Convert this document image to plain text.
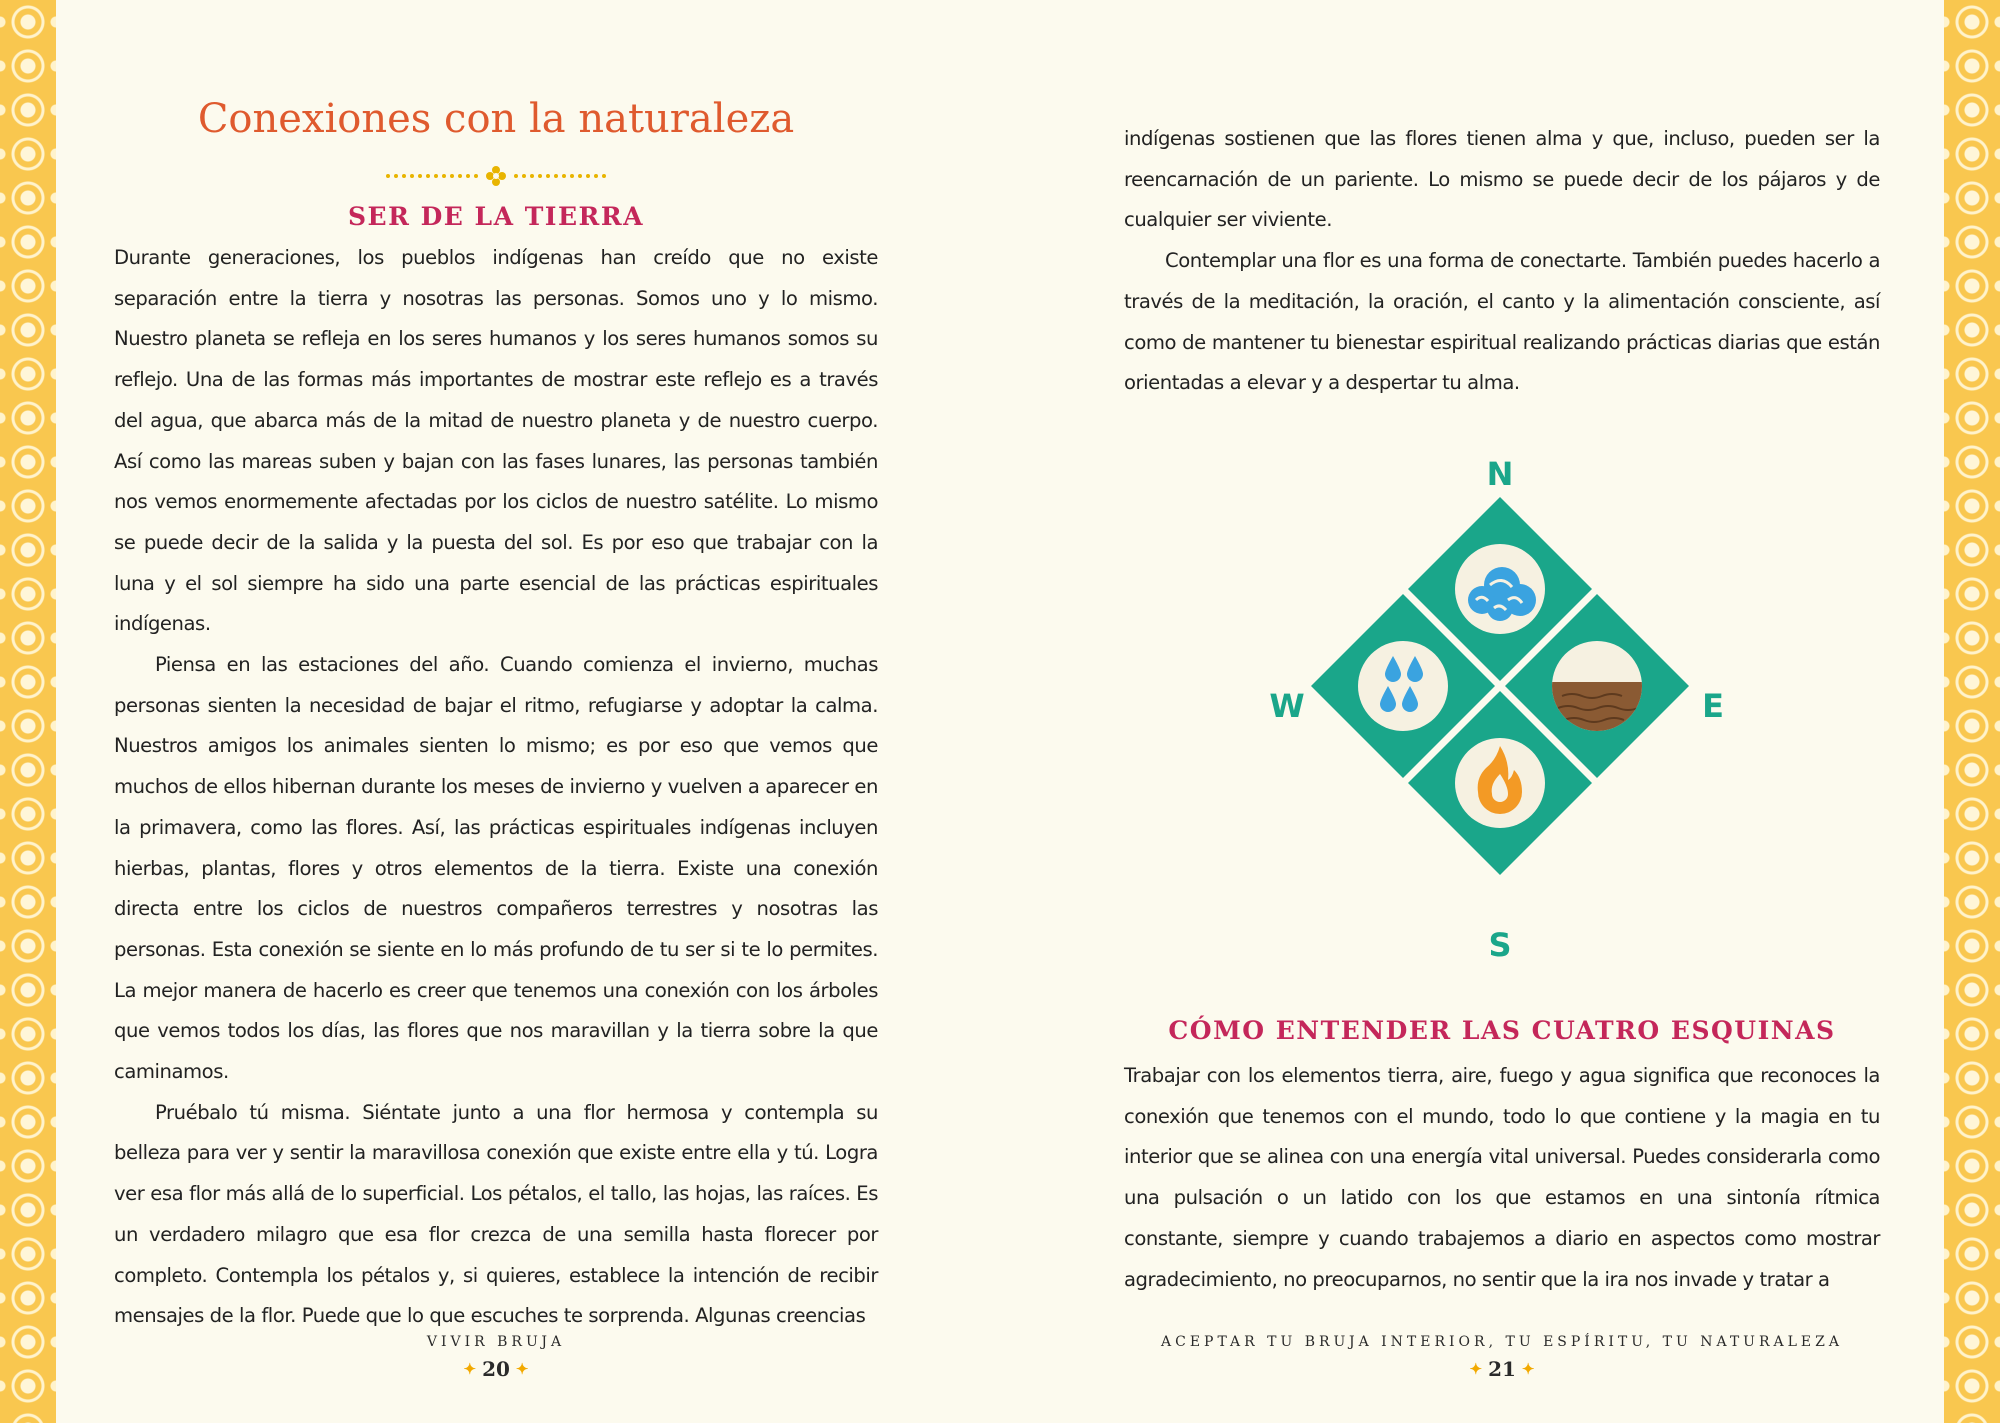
Conexiones con la naturaleza
SER DE LA TIERRA

Durante generaciones, los pueblos indígenas han creído que no existe separación entre la tierra y nosotras las personas. Somos uno y lo mismo. Nuestro planeta se refleja en los seres humanos y los seres humanos somos su reflejo. Una de las formas más importantes de mostrar este reflejo es a través del agua, que abarca más de la mitad de nuestro planeta y de nuestro cuerpo. Así como las mareas suben y bajan con las fases lunares, las personas también nos vemos enormemente afectadas por los ciclos de nuestro satélite. Lo mismo se puede decir de la salida y la puesta del sol. Es por eso que trabajar con la luna y el sol siempre ha sido una parte esencial de las prácticas espirituales indígenas.

Piensa en las estaciones del año. Cuando comienza el invierno, muchas personas sienten la necesidad de bajar el ritmo, refugiarse y adoptar la calma. Nuestros amigos los animales sienten lo mismo; es por eso que vemos que muchos de ellos hibernan durante los meses de invierno y vuelven a aparecer en la primavera, como las flores. Así, las prácticas espirituales indígenas incluyen hierbas, plantas, flores y otros elementos de la tierra. Existe una conexión directa entre los ciclos de nuestros compañeros terrestres y nosotras las personas. Esta conexión se siente en lo más profundo de tu ser si te lo permites. La mejor manera de hacerlo es creer que tenemos una conexión con los árboles que vemos todos los días, las flores que nos maravillan y la tierra sobre la que caminamos.

Pruébalo tú misma. Siéntate junto a una flor hermosa y contempla su belleza para ver y sentir la maravillosa conexión que existe entre ella y tú. Logra ver esa flor más allá de lo superficial. Los pétalos, el tallo, las hojas, las raíces. Es un verdadero milagro que esa flor crezca de una semilla hasta florecer por completo. Contempla los pétalos y, si quieres, establece la intención de recibir mensajes de la flor. Puede que lo que escuches te sorprenda. Algunas creencias

VIVIR BRUJA
✦ 20 ✦

indígenas sostienen que las flores tienen alma y que, incluso, pueden ser la reencarnación de un pariente. Lo mismo se puede decir de los pájaros y de cualquier ser viviente.

Contemplar una flor es una forma de conectarte. También puedes hacerlo a través de la meditación, la oración, el canto y la alimentación consciente, así como de mantener tu bienestar espiritual realizando prácticas diarias que están orientadas a elevar y a despertar tu alma.

N
S
E
W
CÓMO ENTENDER LAS CUATRO ESQUINAS

Trabajar con los elementos tierra, aire, fuego y agua significa que reconoces la conexión que tenemos con el mundo, todo lo que contiene y la magia en tu interior que se alinea con una energía vital universal. Puedes considerarla como una pulsación o un latido con los que estamos en una sintonía rítmica constante, siempre y cuando trabajemos a diario en aspectos como mostrar agradecimiento, no preocuparnos, no sentir que la ira nos invade y tratar a

ACEPTAR TU BRUJA INTERIOR, TU ESPÍRITU, TU NATURALEZA
✦ 21 ✦
